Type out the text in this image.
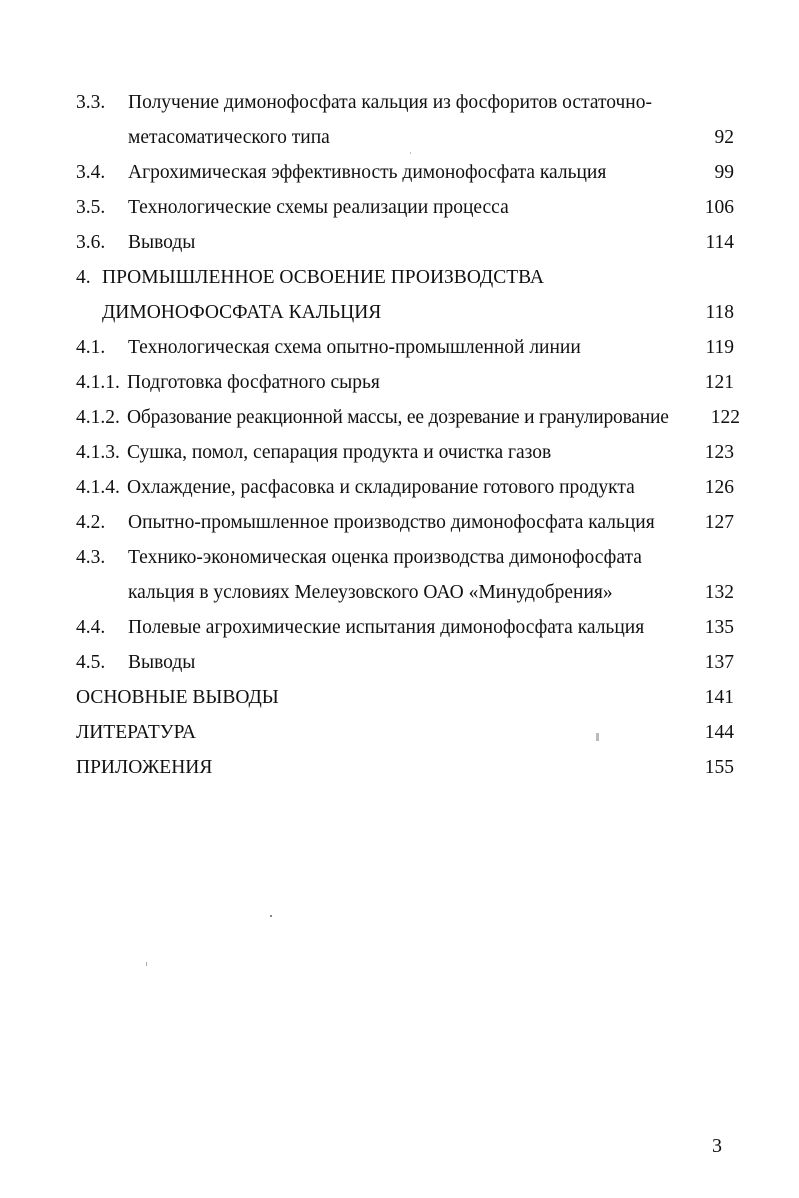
3.3. Получение димонофосфата кальция из фосфоритов остаточно-
метасоматического типа	92
3.4. Агрохимическая эффективность димонофосфата кальция	99
3.5. Технологические схемы реализации процесса	106
3.6. Выводы	114
4. ПРОМЫШЛЕННОЕ ОСВОЕНИЕ ПРОИЗВОДСТВА
ДИМОНОФОСФАТА КАЛЬЦИЯ	118
4.1. Технологическая схема опытно-промышленной линии	119
4.1.1. Подготовка фосфатного сырья	121
4.1.2. Образование реакционной массы, ее дозревание и гранулирование 122
4.1.3. Сушка, помол, сепарация продукта и очистка газов	123
4.1.4. Охлаждение, расфасовка и складирование готового продукта	126
4.2. Опытно-промышленное производство димонофосфата кальция	127
4.3. Технико-экономическая оценка производства димонофосфата
кальция в условиях Мелеузовского ОАО «Минудобрения»	132
4.4. Полевые агрохимические испытания димонофосфата кальция	135
4.5. Выводы	137
ОСНОВНЫЕ ВЫВОДЫ	141
ЛИТЕРАТУРА	144
ПРИЛОЖЕНИЯ	155
3
